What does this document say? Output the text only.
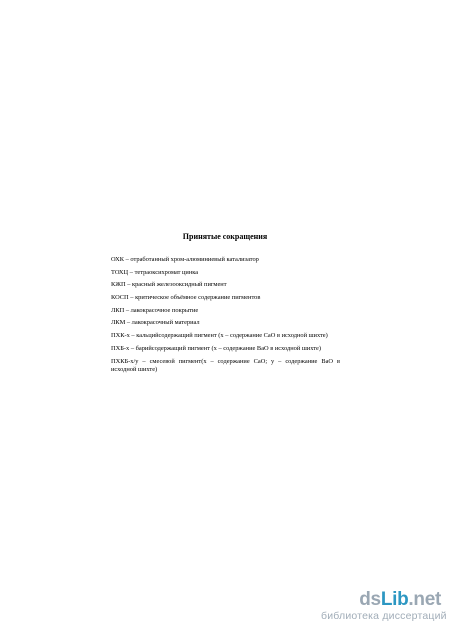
Принятые сокращения
ОХК – отработанный хром-алюминиевый катализатор
ТОХЦ – тетраоксихромат цинка
КЖП – красный железооксидный пигмент
КОСП – критическое объёмное содержание пигментов
ЛКП – лакокрасочное покрытие
ЛКМ – лакокрасочный материал
ПХК-x – кальцийсодержащий пигмент (x – содержание CaO в исходной шихте)
ПХБ-x – барийсодержащий пигмент (x – содержание BaO в исходной шихте)
ПХКБ-x/y – смесевой пигмент(x – содержание CaO; y – содержание BaO в исходной шихте)
dsLib.net
библиотека диссертаций
